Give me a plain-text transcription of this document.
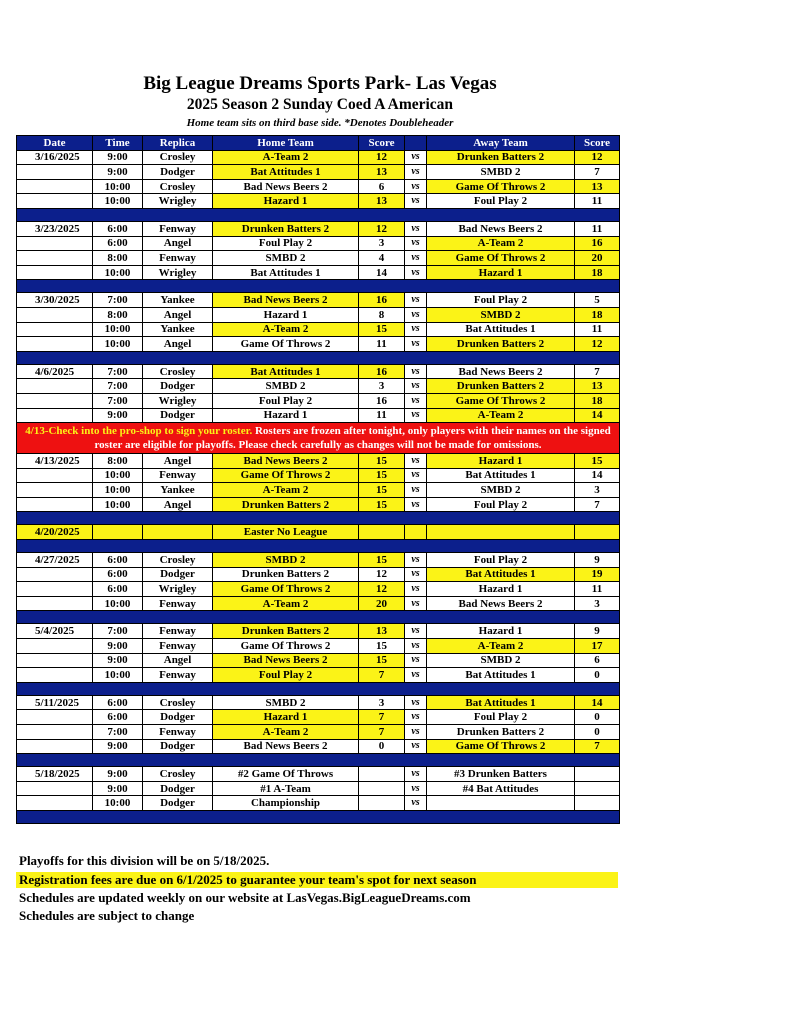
Big League Dreams Sports Park- Las Vegas
2025 Season 2 Sunday Coed A American
Home team sits on third base side. *Denotes Doubleheader
Date	Time	Replica	Home Team	Score		Away Team	Score
3/16/2025	9:00	Crosley	A-Team 2	12	vs	Drunken Batters 2	12
	9:00	Dodger	Bat Attitudes 1	13	vs	SMBD 2	7
	10:00	Crosley	Bad News Beers 2	6	vs	Game Of Throws 2	13
	10:00	Wrigley	Hazard 1	13	vs	Foul Play 2	11

3/23/2025	6:00	Fenway	Drunken Batters 2	12	vs	Bad News Beers 2	11
	6:00	Angel	Foul Play 2	3	vs	A-Team 2	16
	8:00	Fenway	SMBD 2	4	vs	Game Of Throws 2	20
	10:00	Wrigley	Bat Attitudes 1	14	vs	Hazard 1	18

3/30/2025	7:00	Yankee	Bad News Beers 2	16	vs	Foul Play 2	5
	8:00	Angel	Hazard 1	8	vs	SMBD 2	18
	10:00	Yankee	A-Team 2	15	vs	Bat Attitudes 1	11
	10:00	Angel	Game Of Throws 2	11	vs	Drunken Batters 2	12

4/6/2025	7:00	Crosley	Bat Attitudes 1	16	vs	Bad News Beers 2	7
	7:00	Dodger	SMBD 2	3	vs	Drunken Batters 2	13
	7:00	Wrigley	Foul Play 2	16	vs	Game Of Throws 2	18
	9:00	Dodger	Hazard 1	11	vs	A-Team 2	14
4/13-Check into the pro-shop to sign your roster. Rosters are frozen after tonight, only players with their names on the signed roster are eligible for playoffs. Please check carefully as changes will not be made for omissions.							
4/13/2025	8:00	Angel	Bad News Beers 2	15	vs	Hazard 1	15
	10:00	Fenway	Game Of Throws 2	15	vs	Bat Attitudes 1	14
	10:00	Yankee	A-Team 2	15	vs	SMBD 2	3
	10:00	Angel	Drunken Batters 2	15	vs	Foul Play 2	7

4/20/2025			Easter No League				

4/27/2025	6:00	Crosley	SMBD 2	15	vs	Foul Play 2	9
	6:00	Dodger	Drunken Batters 2	12	vs	Bat Attitudes 1	19
	6:00	Wrigley	Game Of Throws 2	12	vs	Hazard 1	11
	10:00	Fenway	A-Team 2	20	vs	Bad News Beers 2	3

5/4/2025	7:00	Fenway	Drunken Batters 2	13	vs	Hazard 1	9
	9:00	Fenway	Game Of Throws 2	15	vs	A-Team 2	17
	9:00	Angel	Bad News Beers 2	15	vs	SMBD 2	6
	10:00	Fenway	Foul Play 2	7	vs	Bat Attitudes 1	0

5/11/2025	6:00	Crosley	SMBD 2	3	vs	Bat Attitudes 1	14
	6:00	Dodger	Hazard 1	7	vs	Foul Play 2	0
	7:00	Fenway	A-Team 2	7	vs	Drunken Batters 2	0
	9:00	Dodger	Bad News Beers 2	0	vs	Game Of Throws 2	7

5/18/2025	9:00	Crosley	#2 Game Of Throws		vs	#3 Drunken Batters	
	9:00	Dodger	#1 A-Team		vs	#4 Bat Attitudes	
	10:00	Dodger	Championship		vs		

Playoffs for this division will be on 5/18/2025.
Registration fees are due on 6/1/2025 to guarantee your team's spot for next season
Schedules are updated weekly on our website at LasVegas.BigLeagueDreams.com
Schedules are subject to change
